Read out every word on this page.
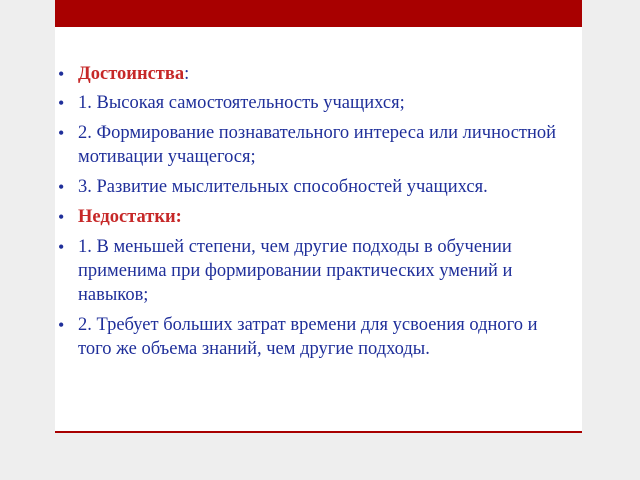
• Достоинства:
• 1. Высокая самостоятельность учащихся;
• 2. Формирование познавательного интереса или личностной мотивации учащегося;
• 3. Развитие мыслительных способностей учащихся.
• Недостатки:
• 1. В меньшей степени, чем другие подходы в обучении применима при формировании практических умений и навыков;
• 2. Требует больших затрат времени для усвоения одного и того же объема знаний, чем другие подходы.
